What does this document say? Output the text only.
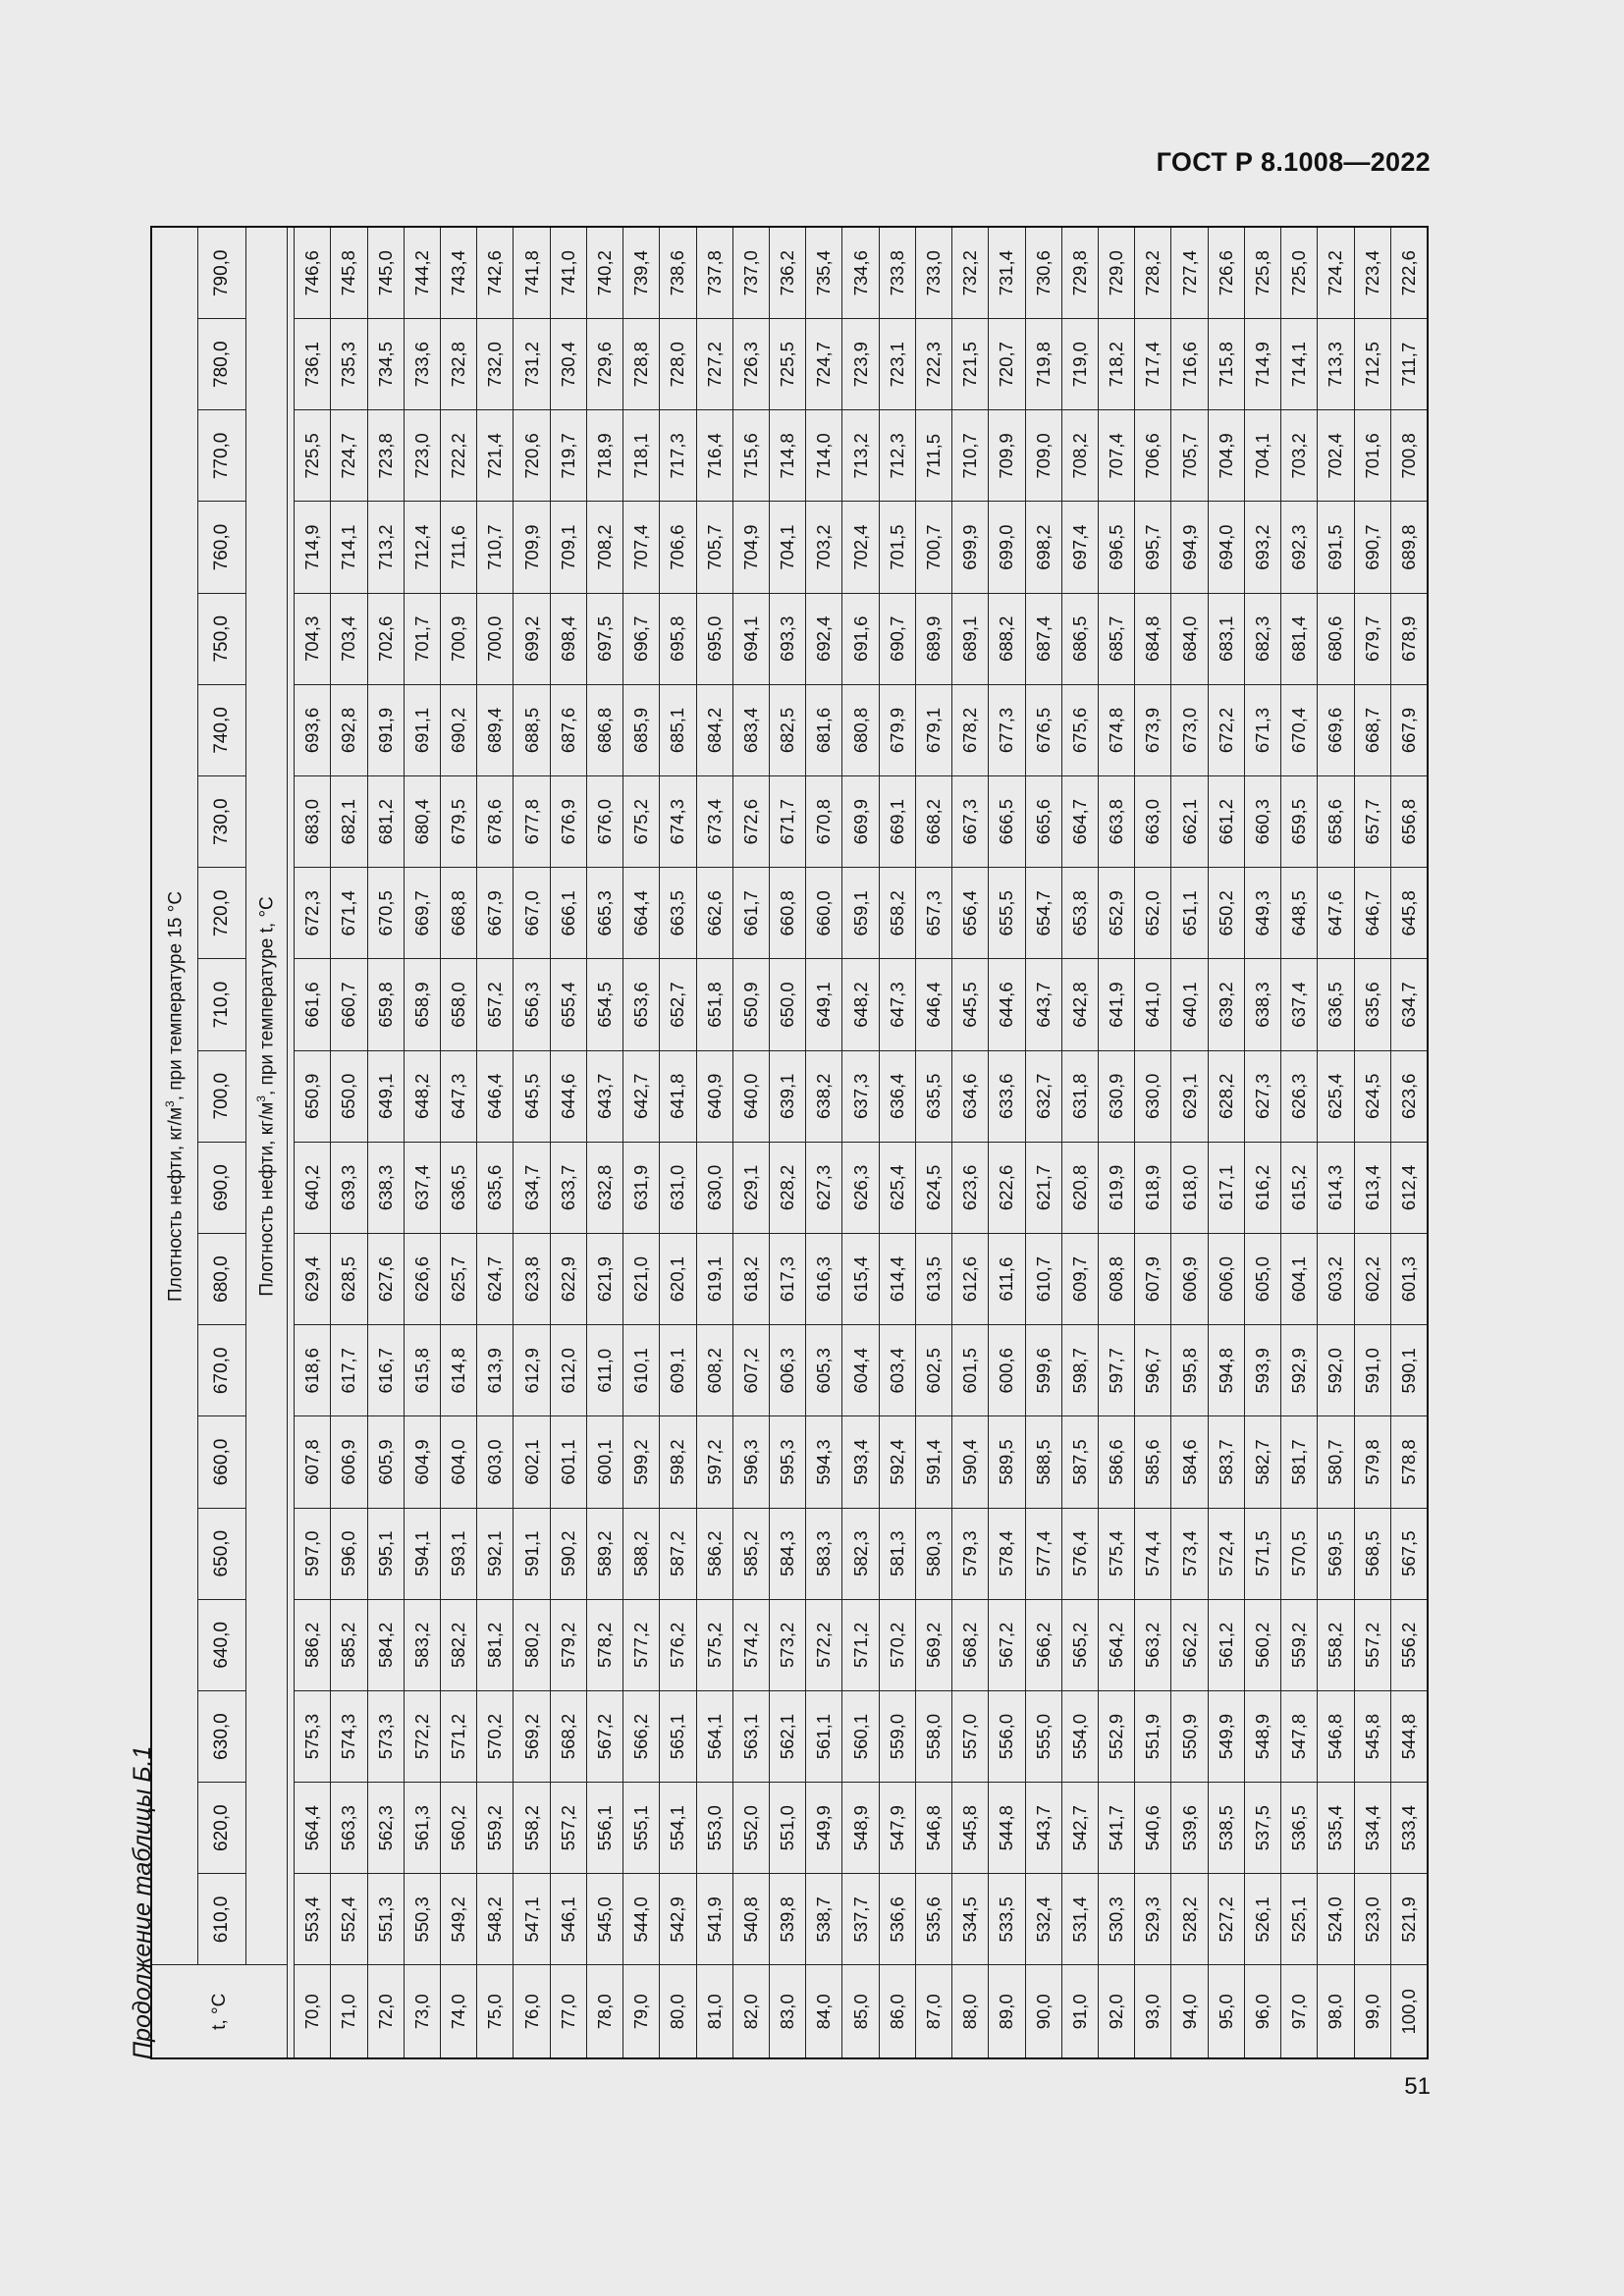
ГОСТ Р 8.1008—2022
Продолжение таблицы Б.1	t, °C	Плотность нефти, $кг/м^3$, при температуре 15 °C																		
	610,0	620,0	630,0	640,0	650,0	660,0	670,0	680,0	690,0	700,0	710,0	720,0	730,0	740,0	750,0	760,0	770,0	780,0	790,0
	Плотность нефти, $кг/м^3$, при температуре t, °C																		

70,0	553,4	564,4	575,3	586,2	597,0	607,8	618,6	629,4	640,2	650,9	661,6	672,3	683,0	693,6	704,3	714,9	725,5	736,1	746,6
71,0	552,4	563,3	574,3	585,2	596,0	606,9	617,7	628,5	639,3	650,0	660,7	671,4	682,1	692,8	703,4	714,1	724,7	735,3	745,8
72,0	551,3	562,3	573,3	584,2	595,1	605,9	616,7	627,6	638,3	649,1	659,8	670,5	681,2	691,9	702,6	713,2	723,8	734,5	745,0
73,0	550,3	561,3	572,2	583,2	594,1	604,9	615,8	626,6	637,4	648,2	658,9	669,7	680,4	691,1	701,7	712,4	723,0	733,6	744,2
74,0	549,2	560,2	571,2	582,2	593,1	604,0	614,8	625,7	636,5	647,3	658,0	668,8	679,5	690,2	700,9	711,6	722,2	732,8	743,4
75,0	548,2	559,2	570,2	581,2	592,1	603,0	613,9	624,7	635,6	646,4	657,2	667,9	678,6	689,4	700,0	710,7	721,4	732,0	742,6
76,0	547,1	558,2	569,2	580,2	591,1	602,1	612,9	623,8	634,7	645,5	656,3	667,0	677,8	688,5	699,2	709,9	720,6	731,2	741,8
77,0	546,1	557,2	568,2	579,2	590,2	601,1	612,0	622,9	633,7	644,6	655,4	666,1	676,9	687,6	698,4	709,1	719,7	730,4	741,0
78,0	545,0	556,1	567,2	578,2	589,2	600,1	611,0	621,9	632,8	643,7	654,5	665,3	676,0	686,8	697,5	708,2	718,9	729,6	740,2
79,0	544,0	555,1	566,2	577,2	588,2	599,2	610,1	621,0	631,9	642,7	653,6	664,4	675,2	685,9	696,7	707,4	718,1	728,8	739,4
80,0	542,9	554,1	565,1	576,2	587,2	598,2	609,1	620,1	631,0	641,8	652,7	663,5	674,3	685,1	695,8	706,6	717,3	728,0	738,6
81,0	541,9	553,0	564,1	575,2	586,2	597,2	608,2	619,1	630,0	640,9	651,8	662,6	673,4	684,2	695,0	705,7	716,4	727,2	737,8
82,0	540,8	552,0	563,1	574,2	585,2	596,3	607,2	618,2	629,1	640,0	650,9	661,7	672,6	683,4	694,1	704,9	715,6	726,3	737,0
83,0	539,8	551,0	562,1	573,2	584,3	595,3	606,3	617,3	628,2	639,1	650,0	660,8	671,7	682,5	693,3	704,1	714,8	725,5	736,2
84,0	538,7	549,9	561,1	572,2	583,3	594,3	605,3	616,3	627,3	638,2	649,1	660,0	670,8	681,6	692,4	703,2	714,0	724,7	735,4
85,0	537,7	548,9	560,1	571,2	582,3	593,4	604,4	615,4	626,3	637,3	648,2	659,1	669,9	680,8	691,6	702,4	713,2	723,9	734,6
86,0	536,6	547,9	559,0	570,2	581,3	592,4	603,4	614,4	625,4	636,4	647,3	658,2	669,1	679,9	690,7	701,5	712,3	723,1	733,8
87,0	535,6	546,8	558,0	569,2	580,3	591,4	602,5	613,5	624,5	635,5	646,4	657,3	668,2	679,1	689,9	700,7	711,5	722,3	733,0
88,0	534,5	545,8	557,0	568,2	579,3	590,4	601,5	612,6	623,6	634,6	645,5	656,4	667,3	678,2	689,1	699,9	710,7	721,5	732,2
89,0	533,5	544,8	556,0	567,2	578,4	589,5	600,6	611,6	622,6	633,6	644,6	655,5	666,5	677,3	688,2	699,0	709,9	720,7	731,4
90,0	532,4	543,7	555,0	566,2	577,4	588,5	599,6	610,7	621,7	632,7	643,7	654,7	665,6	676,5	687,4	698,2	709,0	719,8	730,6
91,0	531,4	542,7	554,0	565,2	576,4	587,5	598,7	609,7	620,8	631,8	642,8	653,8	664,7	675,6	686,5	697,4	708,2	719,0	729,8
92,0	530,3	541,7	552,9	564,2	575,4	586,6	597,7	608,8	619,9	630,9	641,9	652,9	663,8	674,8	685,7	696,5	707,4	718,2	729,0
93,0	529,3	540,6	551,9	563,2	574,4	585,6	596,7	607,9	618,9	630,0	641,0	652,0	663,0	673,9	684,8	695,7	706,6	717,4	728,2
94,0	528,2	539,6	550,9	562,2	573,4	584,6	595,8	606,9	618,0	629,1	640,1	651,1	662,1	673,0	684,0	694,9	705,7	716,6	727,4
95,0	527,2	538,5	549,9	561,2	572,4	583,7	594,8	606,0	617,1	628,2	639,2	650,2	661,2	672,2	683,1	694,0	704,9	715,8	726,6
96,0	526,1	537,5	548,9	560,2	571,5	582,7	593,9	605,0	616,2	627,3	638,3	649,3	660,3	671,3	682,3	693,2	704,1	714,9	725,8
97,0	525,1	536,5	547,8	559,2	570,5	581,7	592,9	604,1	615,2	626,3	637,4	648,5	659,5	670,4	681,4	692,3	703,2	714,1	725,0
98,0	524,0	535,4	546,8	558,2	569,5	580,7	592,0	603,2	614,3	625,4	636,5	647,6	658,6	669,6	680,6	691,5	702,4	713,3	724,2
99,0	523,0	534,4	545,8	557,2	568,5	579,8	591,0	602,2	613,4	624,5	635,6	646,7	657,7	668,7	679,7	690,7	701,6	712,5	723,4
100,0	521,9	533,4	544,8	556,2	567,5	578,8	590,1	601,3	612,4	623,6	634,7	645,8	656,8	667,9	678,9	689,8	700,8	711,7	722,6
51
